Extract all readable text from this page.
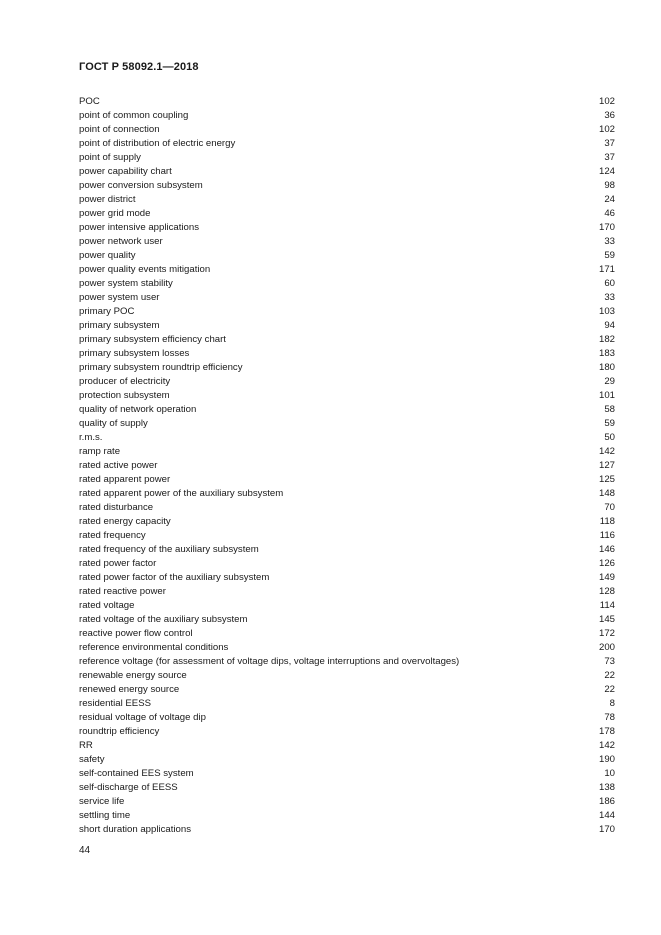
ГОСТ Р 58092.1—2018
POC	102
point of common coupling	36
point of connection	102
point of distribution of electric energy	37
point of supply	37
power capability chart	124
power conversion subsystem	98
power district	24
power grid mode	46
power intensive applications	170
power network user	33
power quality	59
power quality events mitigation	171
power system stability	60
power system user	33
primary POC	103
primary subsystem	94
primary subsystem efficiency chart	182
primary subsystem losses	183
primary subsystem roundtrip efficiency	180
producer of electricity	29
protection subsystem	101
quality of network operation	58
quality of supply	59
r.m.s.	50
ramp rate	142
rated active power	127
rated apparent power	125
rated apparent power of the auxiliary subsystem	148
rated disturbance	70
rated energy capacity	118
rated frequency	116
rated frequency of the auxiliary subsystem	146
rated power factor	126
rated power factor of the auxiliary subsystem	149
rated reactive power	128
rated voltage	114
rated voltage of the auxiliary subsystem	145
reactive power flow control	172
reference environmental conditions	200
reference voltage (for assessment of voltage dips, voltage interruptions and overvoltages)	73
renewable energy source	22
renewed energy source	22
residential EESS	8
residual voltage of voltage dip	78
roundtrip efficiency	178
RR	142
safety	190
self-contained EES system	10
self-discharge of EESS	138
service life	186
settling time	144
short duration applications	170
44
